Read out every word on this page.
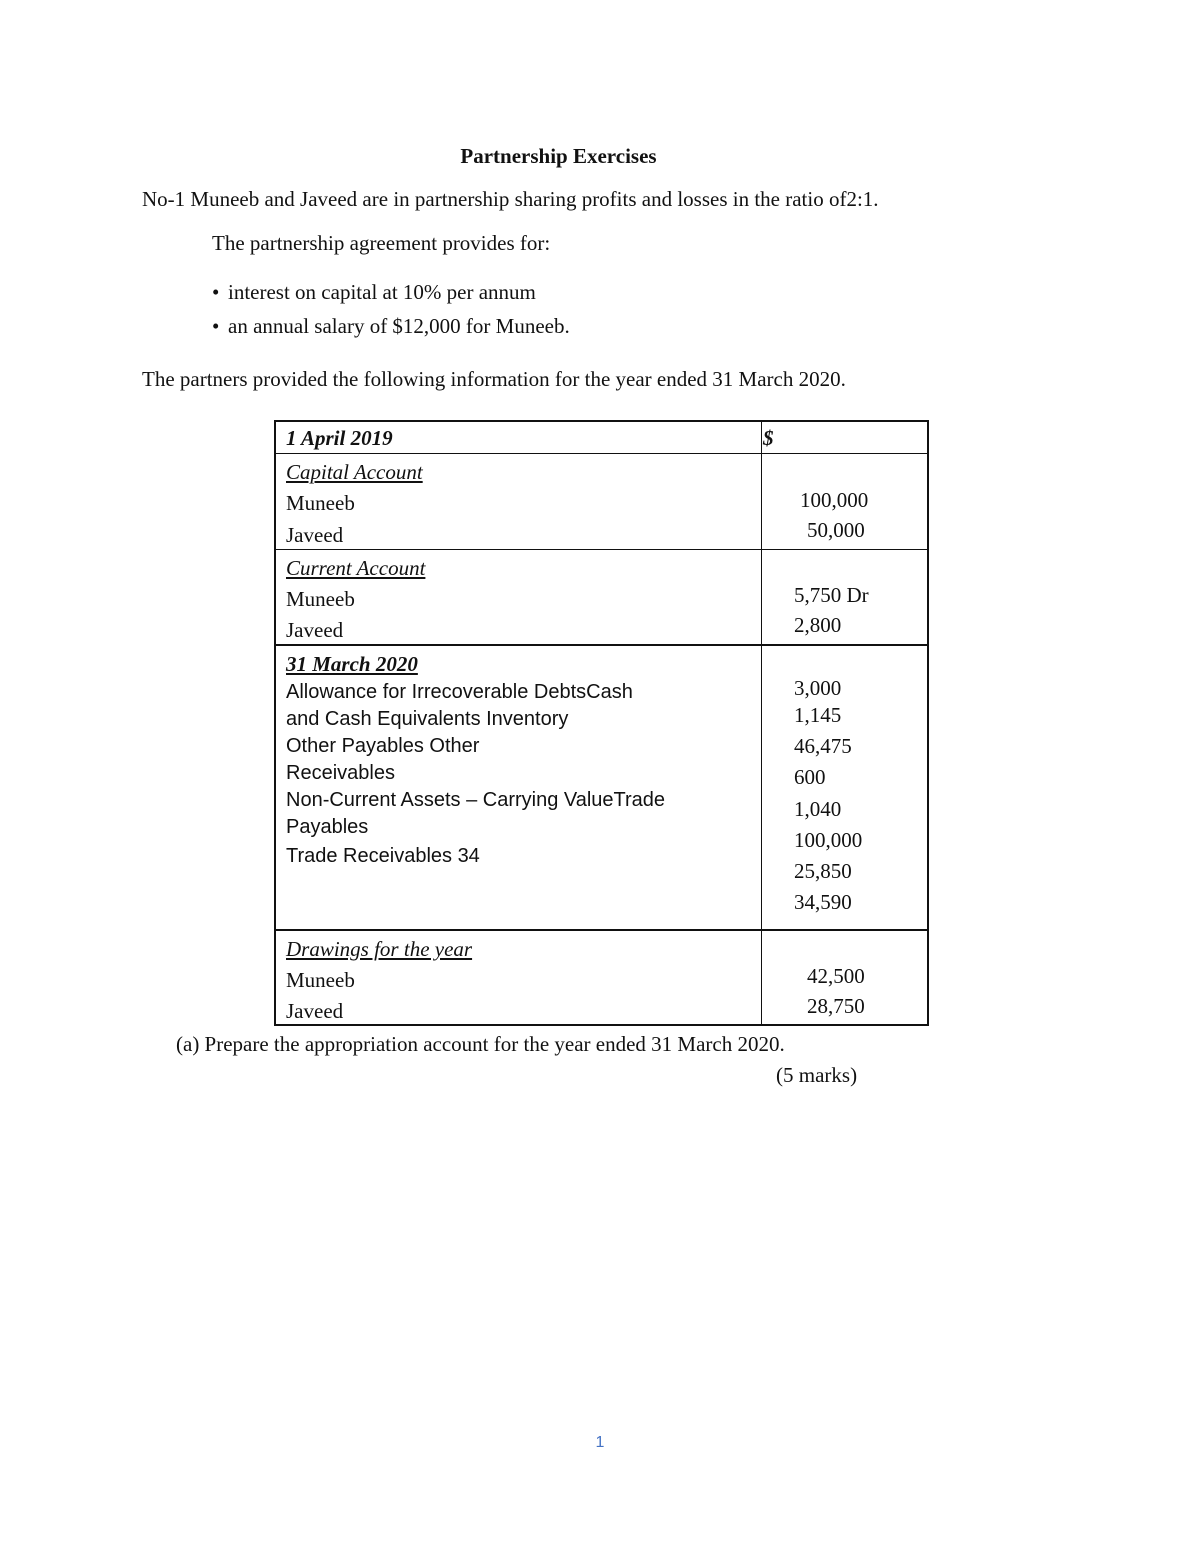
Partnership Exercises
No-1 Muneeb and Javeed are in partnership sharing profits and losses in the ratio of2:1.
The partnership agreement provides for:
• interest on capital at 10% per annum
• an annual salary of $12,000 for Muneeb.
The partners provided the following information for the year ended 31 March 2020.
1 April 2019	$
Capital Account
Muneeb
Javeed
100,000
50,000
Current Account
Muneeb
Javeed
5,750 Dr
2,800
31 March 2020
Allowance for Irrecoverable DebtsCash
and Cash Equivalents Inventory
Other Payables Other
Receivables
Non-Current Assets – Carrying ValueTrade
Payables
Trade Receivables 34
3,000
1,145
46,475
600
1,040
100,000
25,850
34,590
Drawings for the year
Muneeb
Javeed
42,500
28,750
(a) Prepare the appropriation account for the year ended 31 March 2020.
(5 marks)
1
